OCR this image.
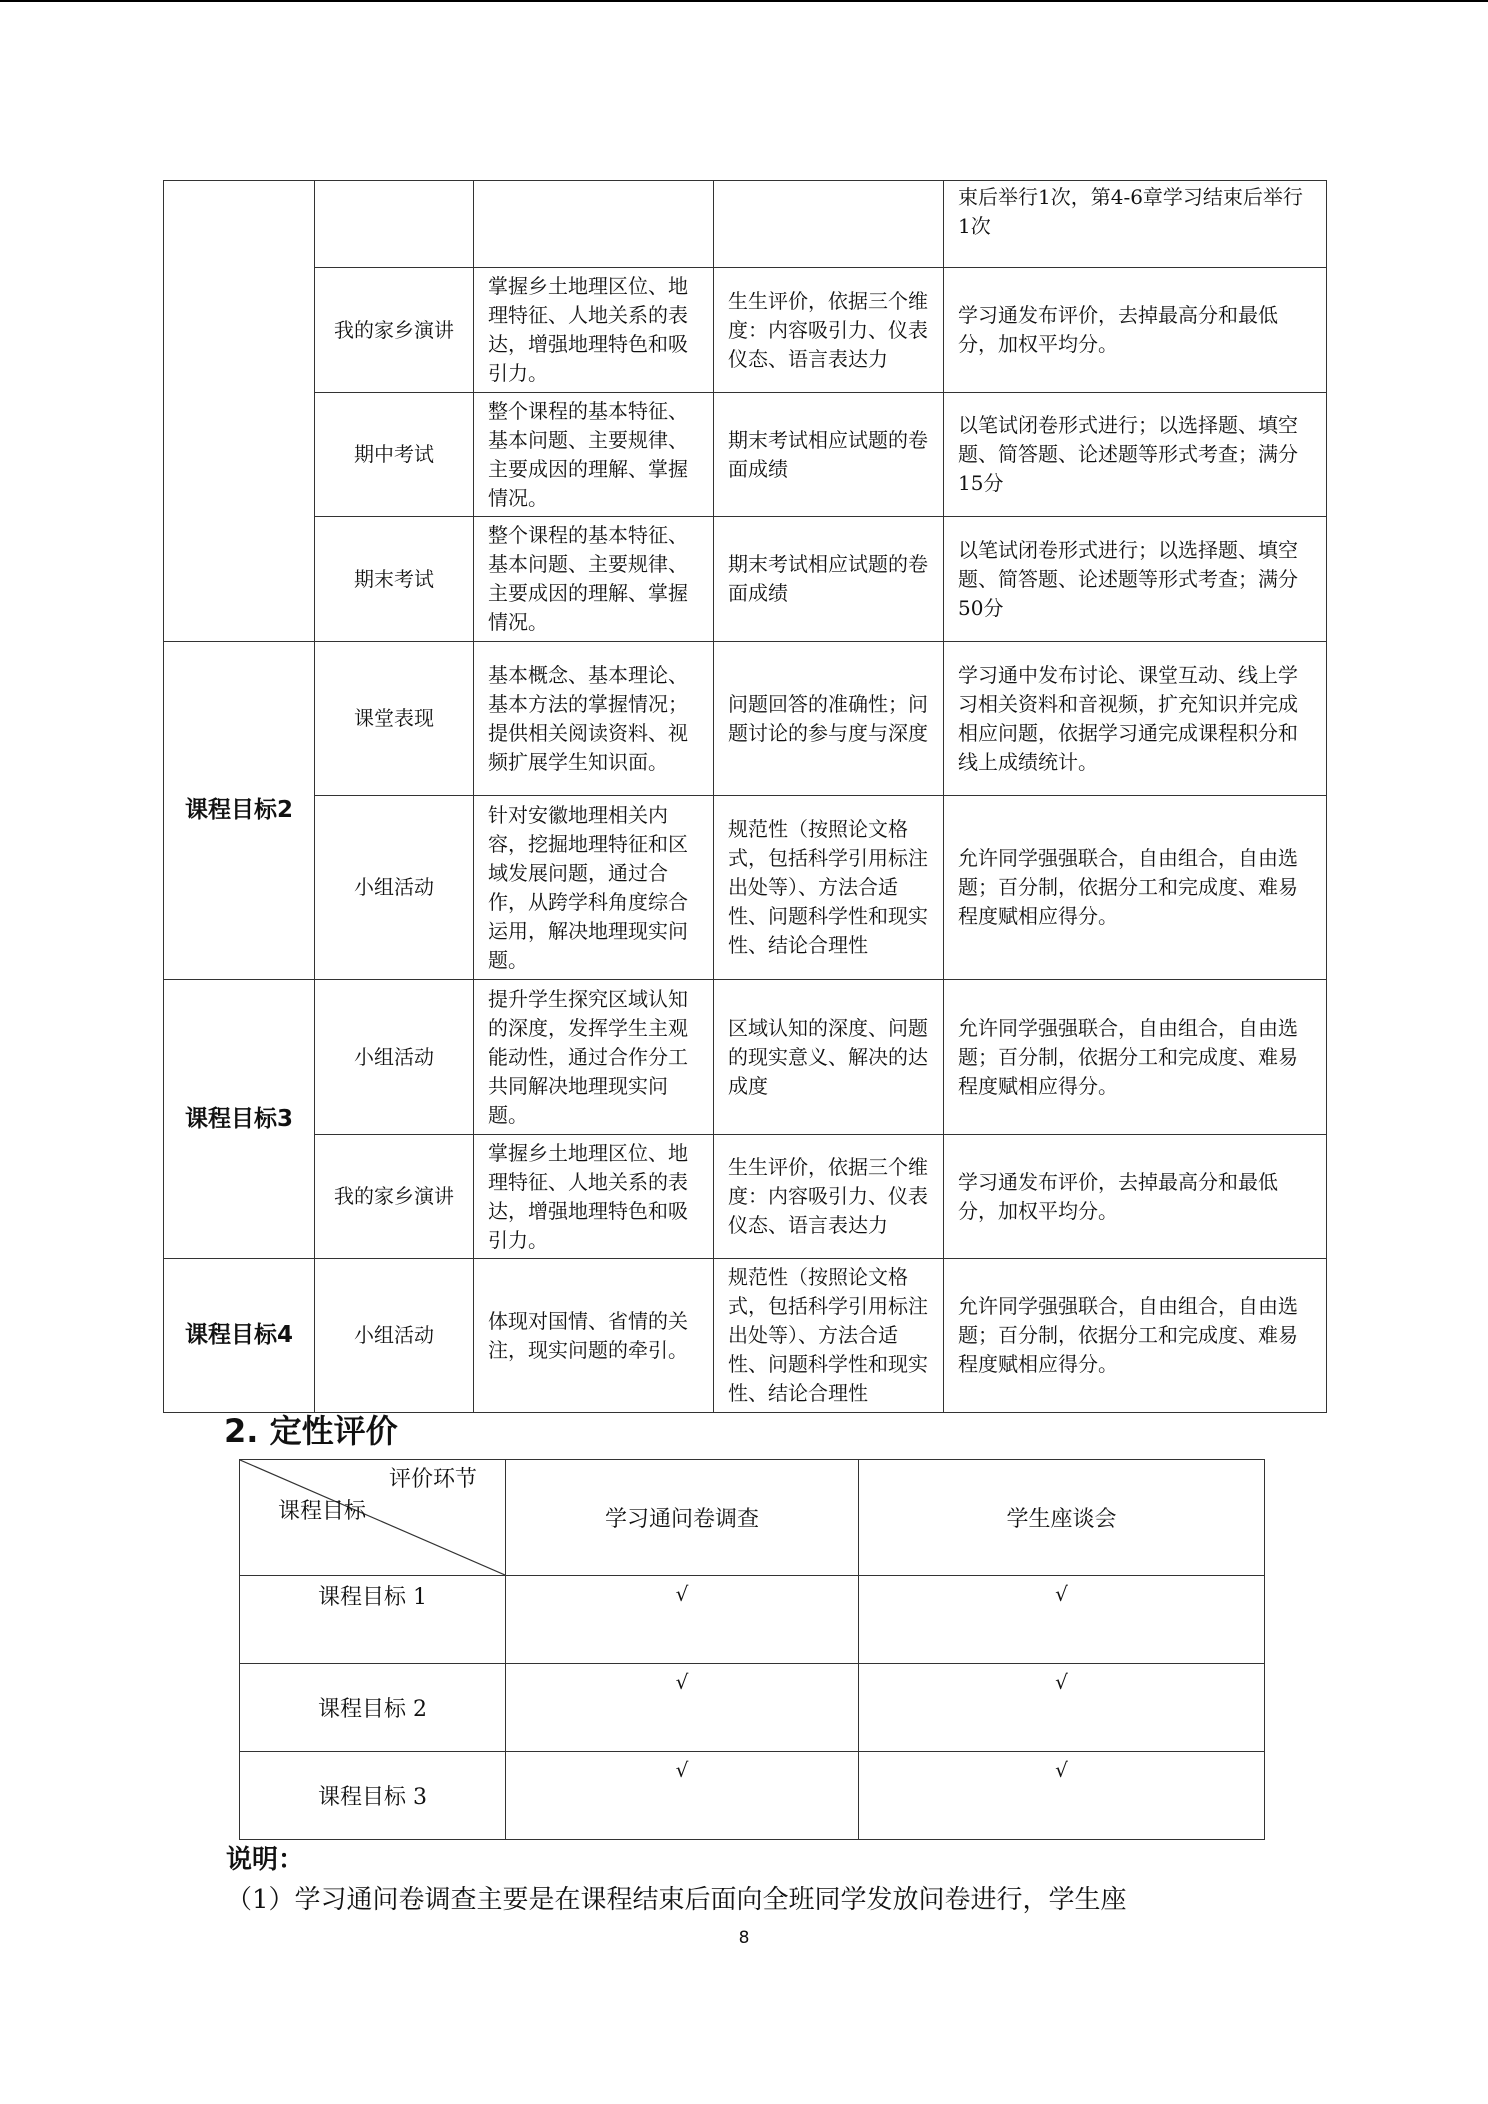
				束后举行1次，第4-6章学习结束后举行1次

	我的家乡演讲	掌握乡土地理区位、地理特征、人地关系的表达，增强地理特色和吸引力。	生生评价，依据三个维度：内容吸引力、仪表仪态、语言表达力	学习通发布评价，去掉最高分和最低分，加权平均分。

	期中考试	整个课程的基本特征、基本问题、主要规律、主要成因的理解、掌握情况。	期末考试相应试题的卷面成绩	以笔试闭卷形式进行；以选择题、填空题、简答题、论述题等形式考查；满分15分

	期末考试	整个课程的基本特征、基本问题、主要规律、主要成因的理解、掌握情况。	期末考试相应试题的卷面成绩	以笔试闭卷形式进行；以选择题、填空题、简答题、论述题等形式考查；满分50分

课程目标2	课堂表现	基本概念、基本理论、基本方法的掌握情况；提供相关阅读资料、视频扩展学生知识面。	问题回答的准确性；问题讨论的参与度与深度	学习通中发布讨论、课堂互动、线上学习相关资料和音视频，扩充知识并完成相应问题，依据学习通完成课程积分和线上成绩统计。

	小组活动	针对安徽地理相关内容，挖掘地理特征和区域发展问题，通过合作，从跨学科角度综合运用，解决地理现实问题。	规范性（按照论文格式，包括科学引用标注出处等）、方法合适性、问题科学性和现实性、结论合理性	允许同学强强联合，自由组合，自由选题；百分制，依据分工和完成度、难易程度赋相应得分。

课程目标3	小组活动	提升学生探究区域认知的深度，发挥学生主观能动性，通过合作分工共同解决地理现实问题。	区域认知的深度、问题的现实意义、解决的达成度	允许同学强强联合，自由组合，自由选题；百分制，依据分工和完成度、难易程度赋相应得分。

	我的家乡演讲	掌握乡土地理区位、地理特征、人地关系的表达，增强地理特色和吸引力。	生生评价，依据三个维度：内容吸引力、仪表仪态、语言表达力	学习通发布评价，去掉最高分和最低分，加权平均分。

课程目标4	小组活动	体现对国情、省情的关注，现实问题的牵引。	规范性（按照论文格式，包括科学引用标注出处等）、方法合适性、问题科学性和现实性、结论合理性	允许同学强强联合，自由组合，自由选题；百分制，依据分工和完成度、难易程度赋相应得分。
2. 定性评价
评价环节
课程目标	学习通问卷调查	学生座谈会
课程目标 1	√	√
课程目标 2	√	√
课程目标 3	√	√
说明：
（1）学习通问卷调查主要是在课程结束后面向全班同学发放问卷进行，学生座
8
